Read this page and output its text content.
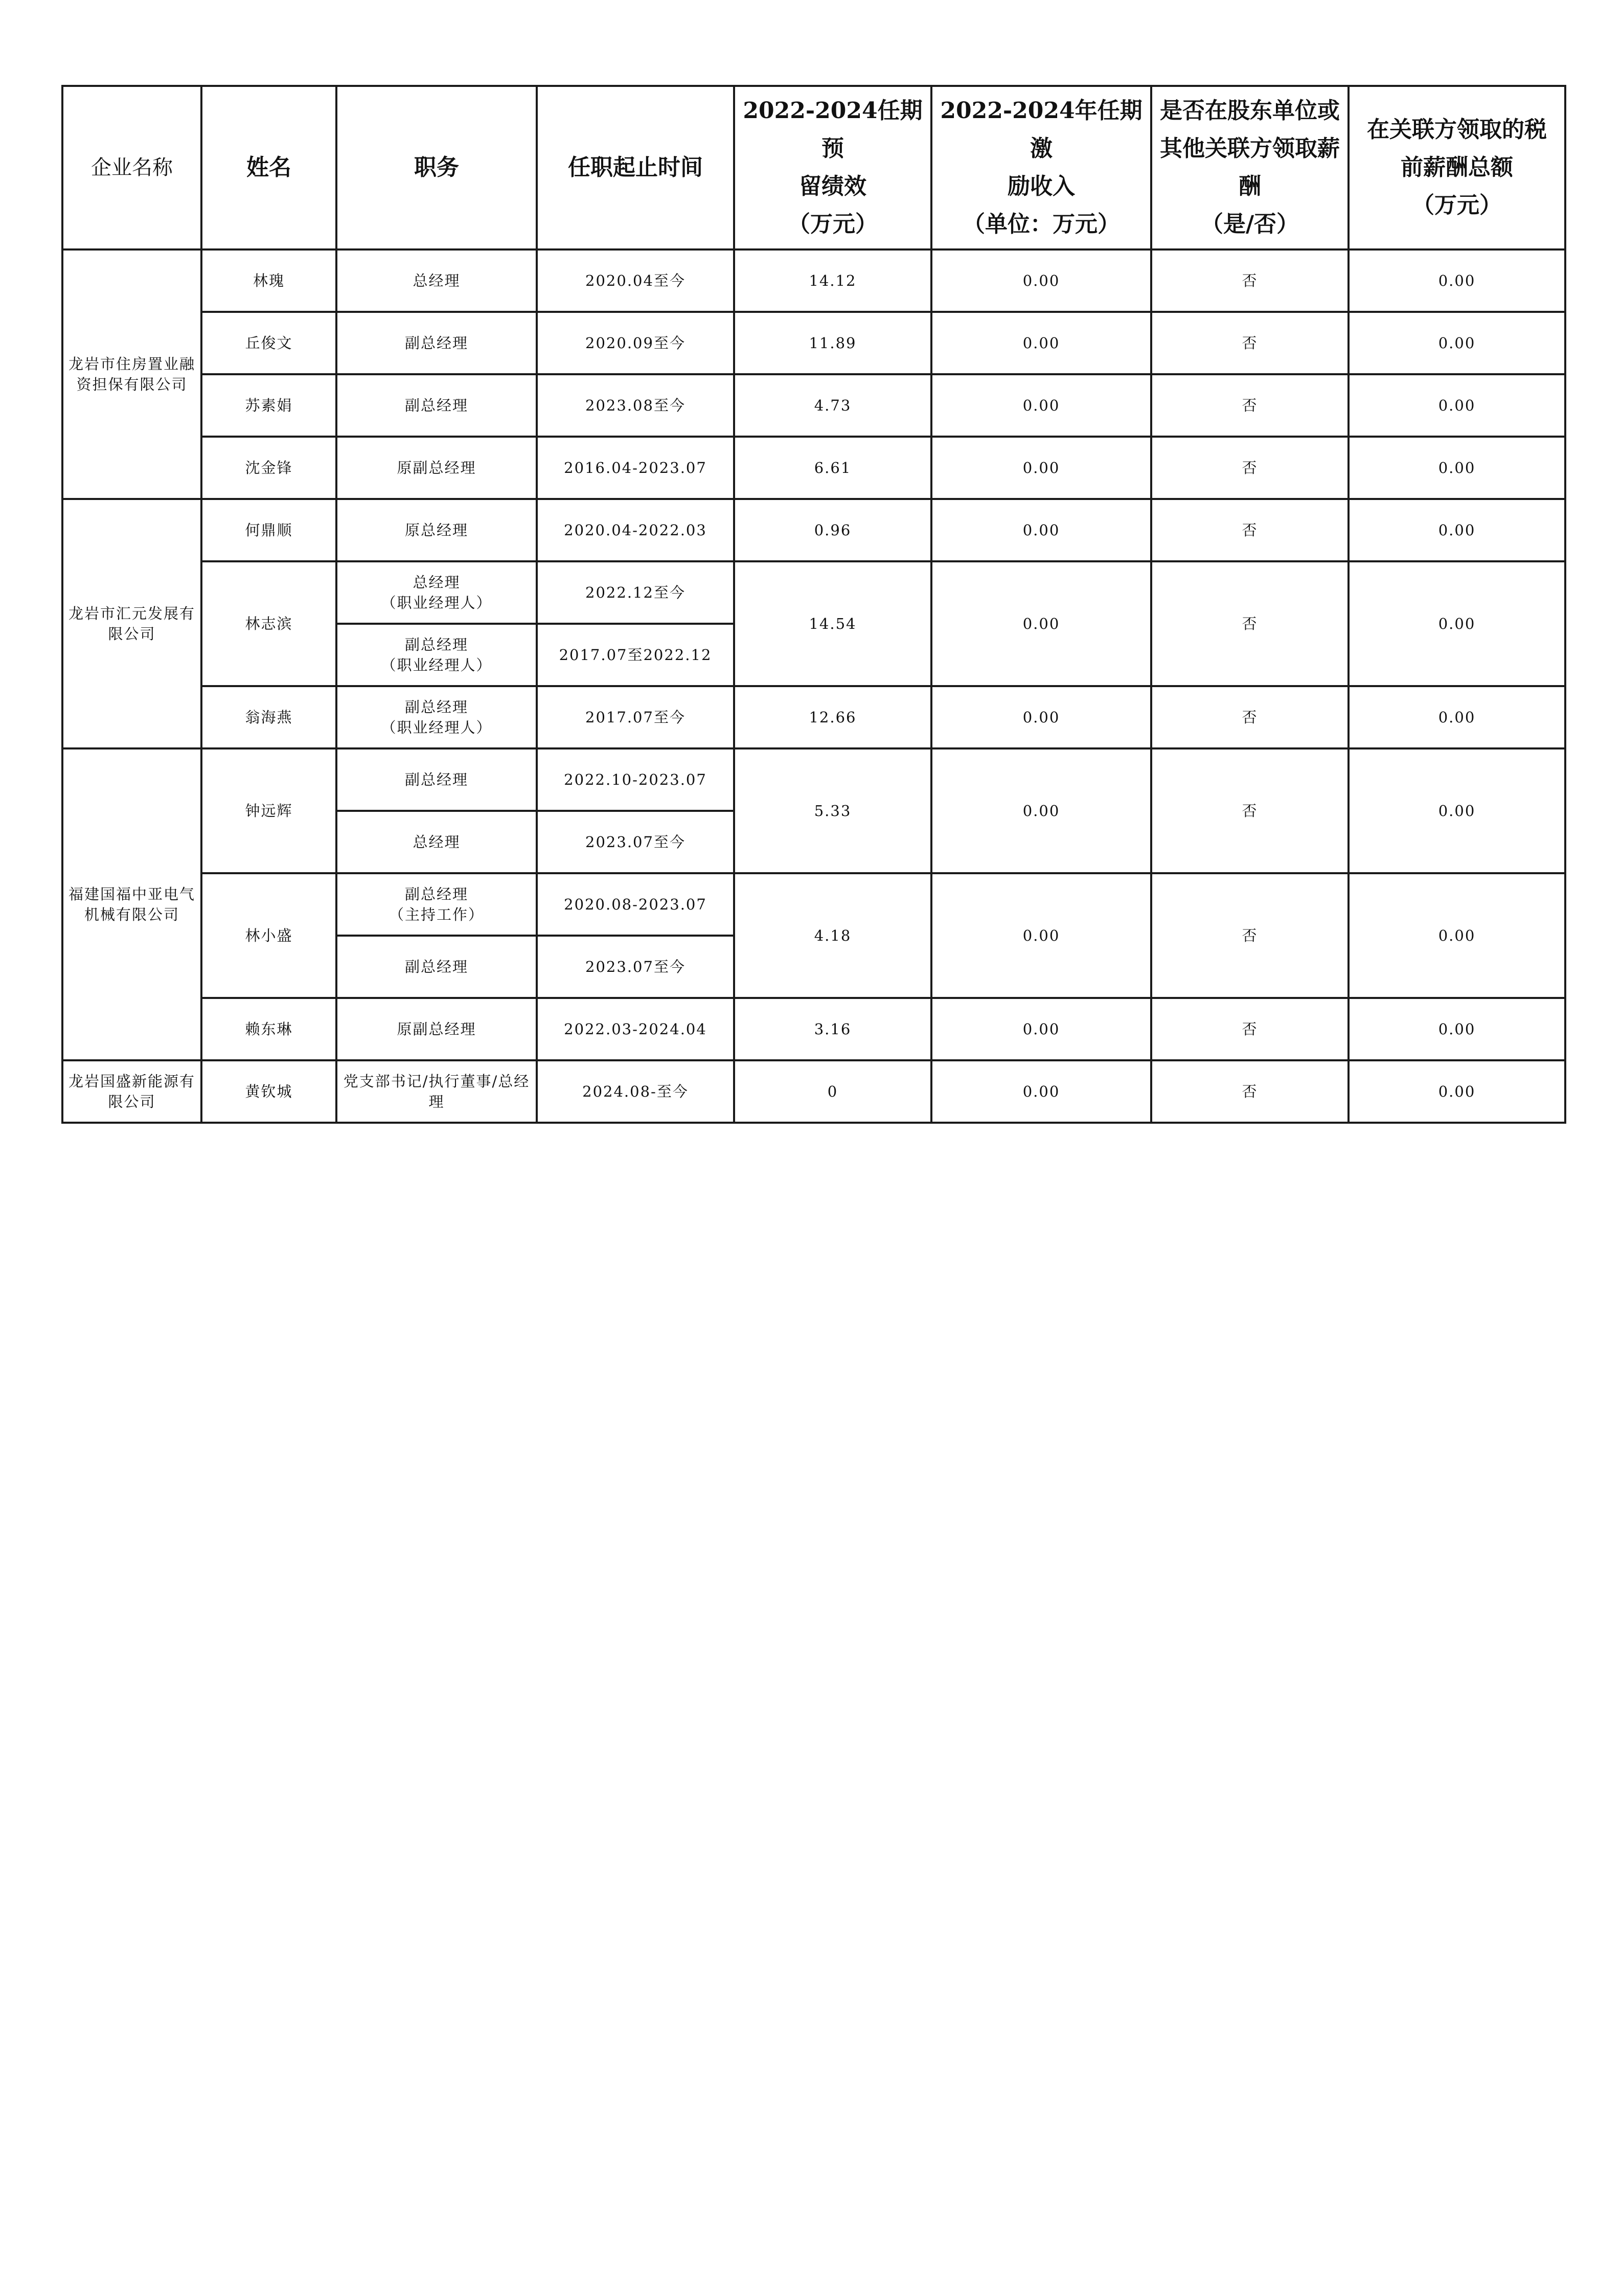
企业名称	姓名	职务	任职起止时间	2022-2024任期预
留绩效
（万元）	2022-2024年任期激
励收入
（单位：万元）	是否在股东单位或
其他关联方领取薪
酬
（是/否）	在关联方领取的税
前薪酬总额
（万元）

龙岩市住房置业融资担保有限公司	林瑰	总经理	2020.04至今	14.12	0.00	否	0.00
	丘俊文	副总经理	2020.09至今	11.89	0.00	否	0.00
	苏素娟	副总经理	2023.08至今	4.73	0.00	否	0.00
	沈金锋	原副总经理	2016.04-2023.07	6.61	0.00	否	0.00
龙岩市汇元发展有限公司	何鼎顺	原总经理	2020.04-2022.03	0.96	0.00	否	0.00
	林志滨	总经理
（职业经理人）	2022.12至今	14.54	0.00	否	0.00
		副总经理
（职业经理人）	2017.07至2022.12				
	翁海燕	副总经理
（职业经理人）	2017.07至今	12.66	0.00	否	0.00
福建国福中亚电气机械有限公司	钟远辉	副总经理	2022.10-2023.07	5.33	0.00	否	0.00
		总经理	2023.07至今				
	林小盛	副总经理
（主持工作）	2020.08-2023.07	4.18	0.00	否	0.00
		副总经理	2023.07至今				
	赖东琳	原副总经理	2022.03-2024.04	3.16	0.00	否	0.00
龙岩国盛新能源有限公司	黄钦城	党支部书记/执行董事/总经理	2024.08-至今	0	0.00	否	0.00
